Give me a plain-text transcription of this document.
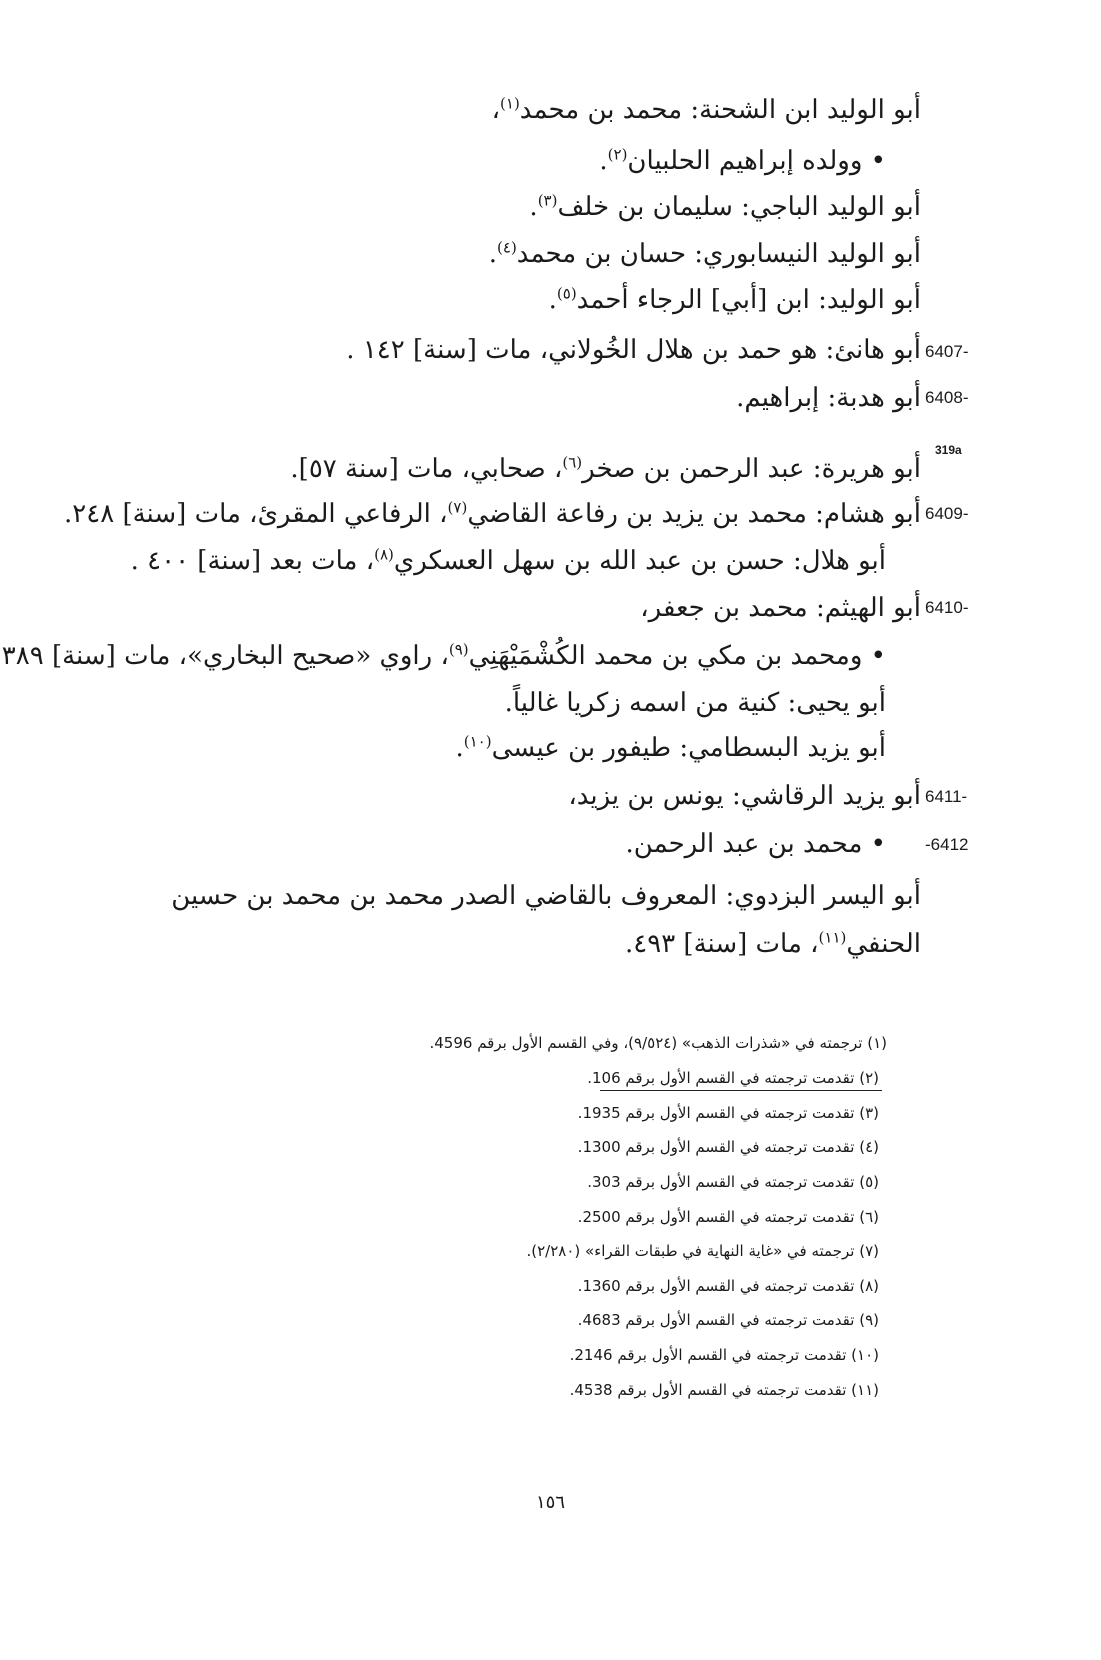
أبو الوليد ابن الشحنة: محمد بن محمد$^{(١)}$،
• وولده إبراهيم الحلبيان$^{(٢)}$.
أبو الوليد الباجي: سليمان بن خلف$^{(٣)}$.
أبو الوليد النيسابوري: حسان بن محمد$^{(٤)}$.
أبو الوليد: ابن [أبي] الرجاء أحمد$^{(٥)}$.
أبو هانئ: هو حمد بن هلال الخُولاني، مات [سنة] ١٤٢ . 6407-
أبو هدبة: إبراهيم. 6408-
319a
أبو هريرة: عبد الرحمن بن صخر$^{(٦)}$، صحابي، مات [سنة ٥٧].
أبو هشام: محمد بن يزيد بن رفاعة القاضي$^{(٧)}$، الرفاعي المقرئ، مات [سنة] ٢٤٨.	6409-
أبو هلال: حسن بن عبد الله بن سهل العسكري$^{(٨)}$، مات بعد [سنة] ٤٠٠ .
أبو الهيثم: محمد بن جعفر، 6410-
• ومحمد بن مكي بن محمد الكُشْمَيْهَنِي$^{(٩)}$، راوي «صحيح البخاري»، مات [سنة] ٣٨٩
أبو يحيى: كنية من اسمه زكريا غالياً.
أبو يزيد البسطامي: طيفور بن عيسى$^{(١٠)}$.
أبو يزيد الرقاشي: يونس بن يزيد، 6411-
• محمد بن عبد الرحمن. -6412
أبو اليسر البزدوي: المعروف بالقاضي الصدر محمد بن محمد بن حسين الحنفي$^{(١١)}$، مات [سنة] ٤٩٣.
(١) ترجمته في «شذرات الذهب» (٩/٥٢٤)، وفي القسم الأول برقم 4596.
(٢) تقدمت ترجمته في القسم الأول برقم 106.
(٣) تقدمت ترجمته في القسم الأول برقم 1935.
(٤) تقدمت ترجمته في القسم الأول برقم 1300.
(٥) تقدمت ترجمته في القسم الأول برقم 303.
(٦) تقدمت ترجمته في القسم الأول برقم 2500.
(٧) ترجمته في «غاية النهاية في طبقات القراء» (٢/٢٨٠).
(٨) تقدمت ترجمته في القسم الأول برقم 1360.
(٩) تقدمت ترجمته في القسم الأول برقم 4683.
(١٠) تقدمت ترجمته في القسم الأول برقم 2146.
(١١) تقدمت ترجمته في القسم الأول برقم 4538.
١٥٦
